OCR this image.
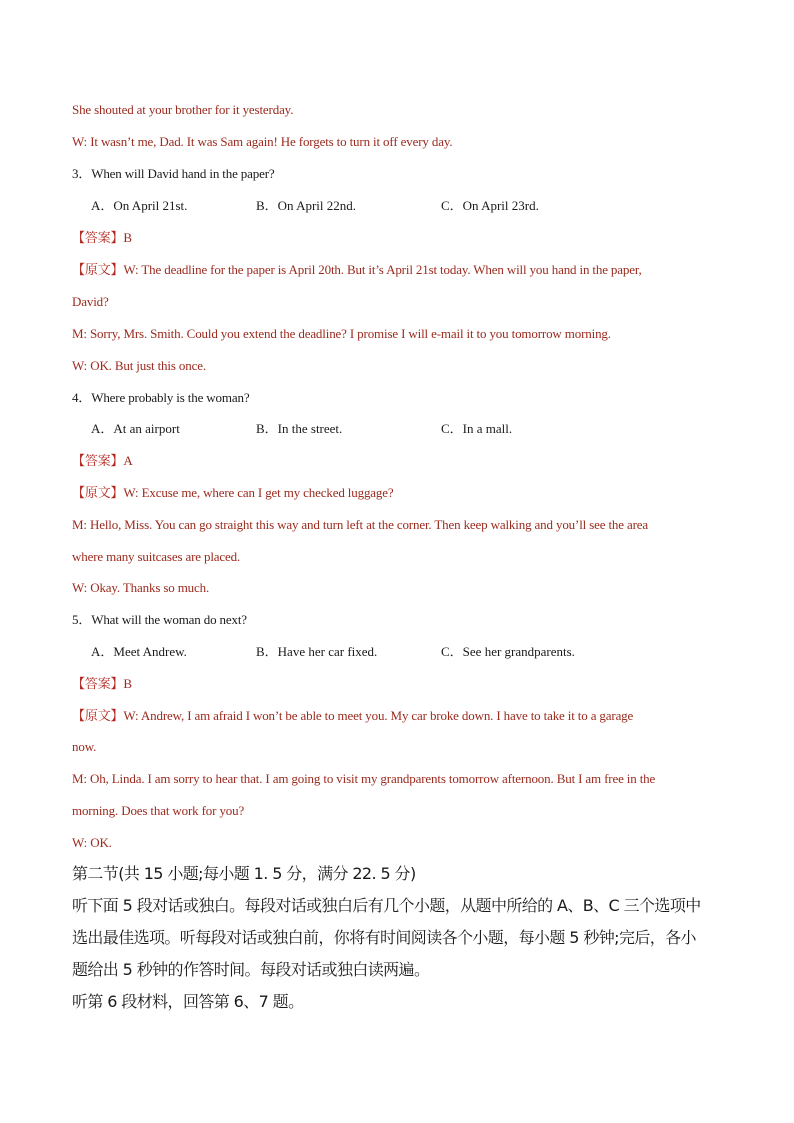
She shouted at your brother for it yesterday.
W: It wasn’t me, Dad. It was Sam again! He forgets to turn it off every day.
3．When will David hand in the paper?
A．On April 21st.	B．On April 22nd.	C．On April 23rd.
【答案】B
【原文】W: The deadline for the paper is April 20th. But it’s April 21st today. When will you hand in the paper,
David?
M: Sorry, Mrs. Smith. Could you extend the deadline? I promise I will e-mail it to you tomorrow morning.
W: OK. But just this once.
4．Where probably is the woman?
A．At an airport	B．In the street.	C．In a mall.
【答案】A
【原文】W: Excuse me, where can I get my checked luggage?
M: Hello, Miss. You can go straight this way and turn left at the corner. Then keep walking and you’ll see the area
where many suitcases are placed.
W: Okay. Thanks so much.
5．What will the woman do next?
A．Meet Andrew.	B．Have her car fixed.	C．See her grandparents.
【答案】B
【原文】W: Andrew, I am afraid I won’t be able to meet you. My car broke down. I have to take it to a garage
now.
M: Oh, Linda. I am sorry to hear that. I am going to visit my grandparents tomorrow afternoon. But I am free in the
morning. Does that work for you?
W: OK.
第二节(共 15 小题;每小题 1. 5 分，满分 22. 5 分)
听下面 5 段对话或独白。每段对话或独白后有几个小题，从题中所给的 A、B、C 三个选项中
选出最佳选项。听每段对话或独白前，你将有时间阅读各个小题，每小题 5 秒钟;完后，各小
题给出 5 秒钟的作答时间。每段对话或独白读两遍。
听第 6 段材料，回答第 6、7 题。
